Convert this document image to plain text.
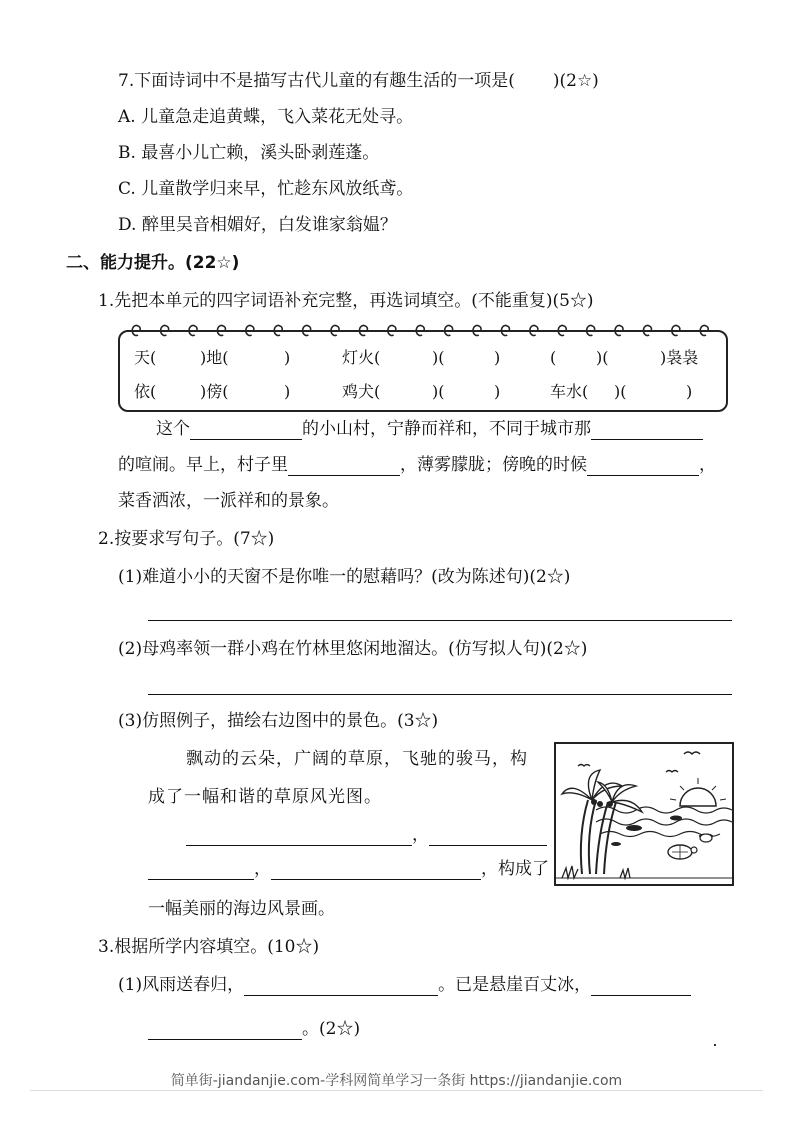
7.下面诗词中不是描写古代儿童的有趣生活的一项是( )(2☆)
A. 儿童急走追黄蝶，飞入菜花无处寻。
B. 最喜小儿亡赖，溪头卧剥莲蓬。
C. 儿童散学归来早，忙趁东风放纸鸢。
D. 醉里吴音相媚好，白发谁家翁媪？
二、能力提升。(22☆)
1.先把本单元的四字词语补充完整，再选词填空。(不能重复)(5☆)
天(	)地(	)	灯火(	)(	)	( )(	)袅袅
依(	)傍(	)	鸡犬(	)(	)	车水( )(	)
这个	的小山村，宁静而祥和，不同于城市那
的喧闹。早上，村子里	，薄雾朦胧；傍晚的时候	，
菜香洒浓，一派祥和的景象。
2.按要求写句子。(7☆)
(1)难道小小的天窗不是你唯一的慰藉吗？(改为陈述句)(2☆)
(2)母鸡率领一群小鸡在竹林里悠闲地溜达。(仿写拟人句)(2☆)
(3)仿照例子，描绘右边图中的景色。(3☆)
飘动的云朵，广阔的草原，飞驰的骏马，构
成了一幅和谐的草原风光图。
，
，	，构成了
一幅美丽的海边风景画。
3.根据所学内容填空。(10☆)
(1)风雨送春归，	。已是悬崖百丈冰，
。(2☆)
简单街-jiandanjie.com-学科网简单学习一条街 https://jiandanjie.com
